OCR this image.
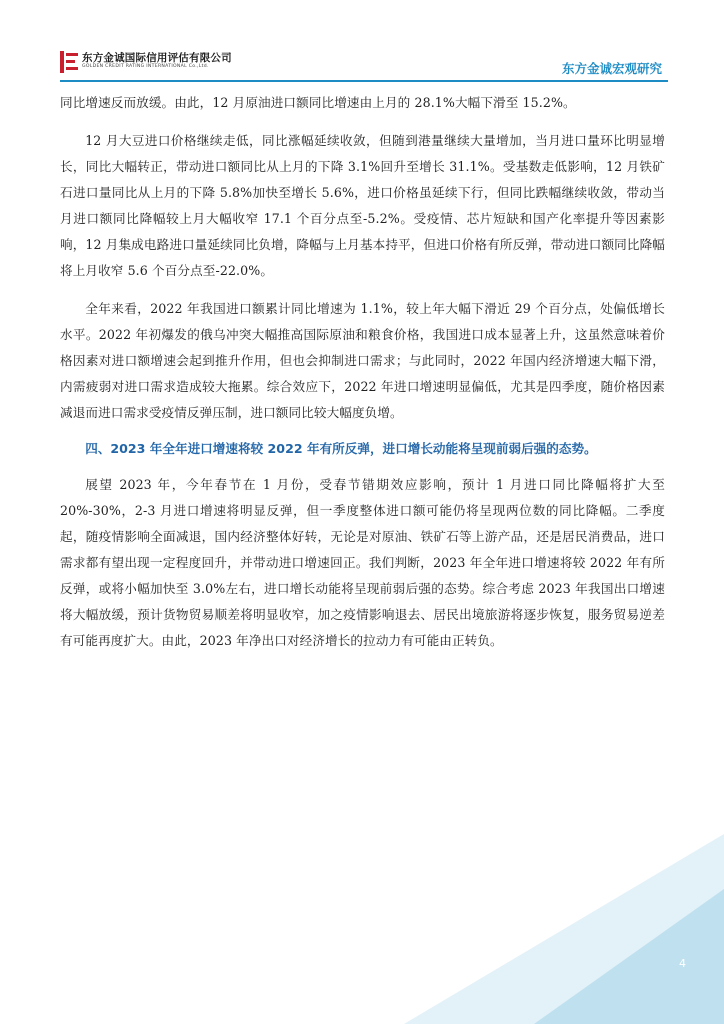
东方金诚国际信用评估有限公司
GOLDEN CREDIT RATING INTERNATIONAL Co.,Ltd.	东方金诚宏观研究

同比增速反而放缓。由此，12 月原油进口额同比增速由上月的 28.1%大幅下滑至 15.2%。

12 月大豆进口价格继续走低，同比涨幅延续收敛，但随到港量继续大量增加，当月进口量环比明显增长，同比大幅转正，带动进口额同比从上月的下降 3.1%回升至增长 31.1%。受基数走低影响，12 月铁矿石进口量同比从上月的下降 5.8%加快至增长 5.6%，进口价格虽延续下行，但同比跌幅继续收敛，带动当月进口额同比降幅较上月大幅收窄 17.1 个百分点至-5.2%。受疫情、芯片短缺和国产化率提升等因素影响，12 月集成电路进口量延续同比负增，降幅与上月基本持平，但进口价格有所反弹，带动进口额同比降幅将上月收窄 5.6 个百分点至-22.0%。

全年来看，2022 年我国进口额累计同比增速为 1.1%，较上年大幅下滑近 29 个百分点，处偏低增长水平。2022 年初爆发的俄乌冲突大幅推高国际原油和粮食价格，我国进口成本显著上升，这虽然意味着价格因素对进口额增速会起到推升作用，但也会抑制进口需求；与此同时，2022 年国内经济增速大幅下滑，内需疲弱对进口需求造成较大拖累。综合效应下，2022 年进口增速明显偏低，尤其是四季度，随价格因素减退而进口需求受疫情反弹压制，进口额同比较大幅度负增。

四、2023 年全年进口增速将较 2022 年有所反弹，进口增长动能将呈现前弱后强的态势。

展望 2023 年，今年春节在 1 月份，受春节错期效应影响，预计 1 月进口同比降幅将扩大至 20%-30%，2-3 月进口增速将明显反弹，但一季度整体进口额可能仍将呈现两位数的同比降幅。二季度起，随疫情影响全面减退，国内经济整体好转，无论是对原油、铁矿石等上游产品，还是居民消费品，进口需求都有望出现一定程度回升，并带动进口增速回正。我们判断，2023 年全年进口增速将较 2022 年有所反弹，或将小幅加快至 3.0%左右，进口增长动能将呈现前弱后强的态势。综合考虑 2023 年我国出口增速将大幅放缓，预计货物贸易顺差将明显收窄，加之疫情影响退去、居民出境旅游将逐步恢复，服务贸易逆差有可能再度扩大。由此，2023 年净出口对经济增长的拉动力有可能由正转负。

4
